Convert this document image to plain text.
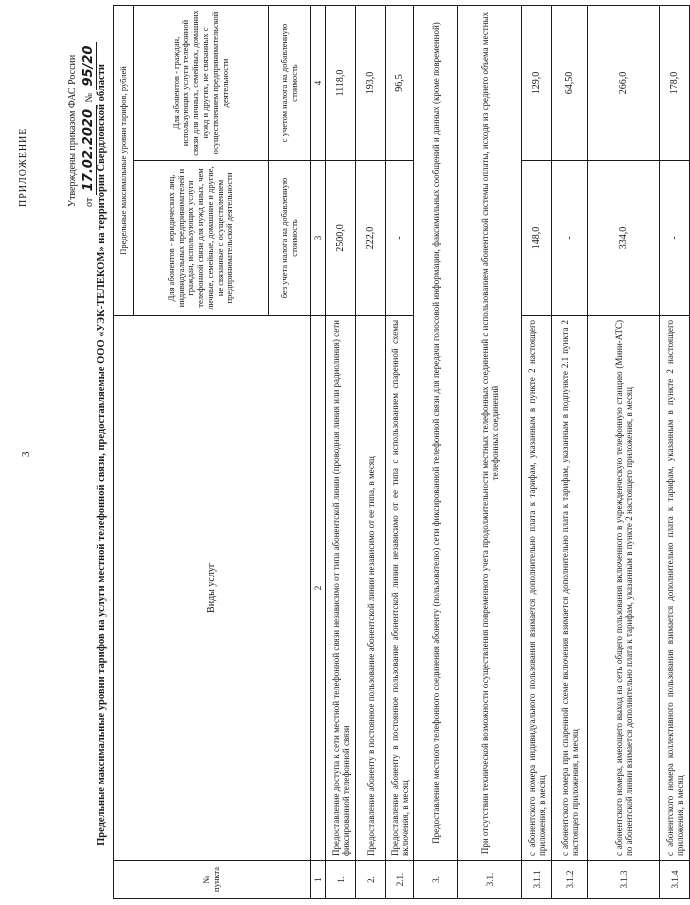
3
ПРИЛОЖЕНИЕ	Утверждены приказом ФАС России от 17.02.2020 № 95/20 Предельные максимальные уровни тарифов на услуги местной телефонной связи, предоставляемые ООО «УЭК-ТЕЛЕКОМ» на территории Свердловской области
№ пункта	Виды услуг	Предельные максимальные уровни тарифов, рублей	
		Для абонентов - юридических лиц, индивидуальных предпринимателей и граждан, использующих услуги телефонной связи для нужд иных, чем личные, семейные, домашние и другие, не связанные с осуществлением предпринимательской деятельности	Для абонентов - граждан, использующих услуги телефонной связи для личных, семейных, домашних нужд и других, не связанных с осуществлением предпринимательской деятельности
		без учета налога на добавленную стоимость	с учетом налога на добавленную стоимость
1	2	3	4
1.	Предоставление доступа к сети местной телефонной связи независимо от типа абонентской линии (проводная линия или радиолиния) сети фиксированной телефонной связи	2500,0	1118,0
2.	Предоставление абоненту в постоянное пользование абонентской линии независимо от ее типа, в месяц	222,0	193,0
2.1.	Предоставление абоненту в постоянное пользование абонентской линии независимо от ее типа с использованием спаренной схемы включения, в месяц	-	96,5
3.	Предоставление местного телефонного соединения абоненту (пользователю) сети фиксированной телефонной связи для передачи голосовой информации, факсимильных сообщений и данных (кроме повременной)		
3.1.	При отсутствии технической возможности осуществления повременного учета продолжительности местных телефонных соединений с использованием абонентской системы оплаты, исходя из среднего объема местных телефонных соединений		
3.1.1	с абонентского номера индивидуального пользования взимается дополнительно плата к тарифам, указанным в пункте 2 настоящего приложения, в месяц	148,0	129,0
3.1.2	с абонентского номера при спаренной схеме включения взимается дополнительно плата к тарифам, указанным в подпункте 2.1 пункта 2 настоящего приложения, в месяц	-	64,50
3.1.3	с абонентского номера, имеющего выход на сеть общего пользования включенного в учрежденческую телефонную станцию (Мини-АТС) по абонентской линии взимается дополнительно плата к тарифам, указанным в пункте 2 настоящего приложения, в месяц	334,0	266,0
3.1.4	с абонентского номера коллективного пользования взимается дополнительно плата к тарифам, указанным в пункте 2 настоящего приложения, в месяц	-	178,0
